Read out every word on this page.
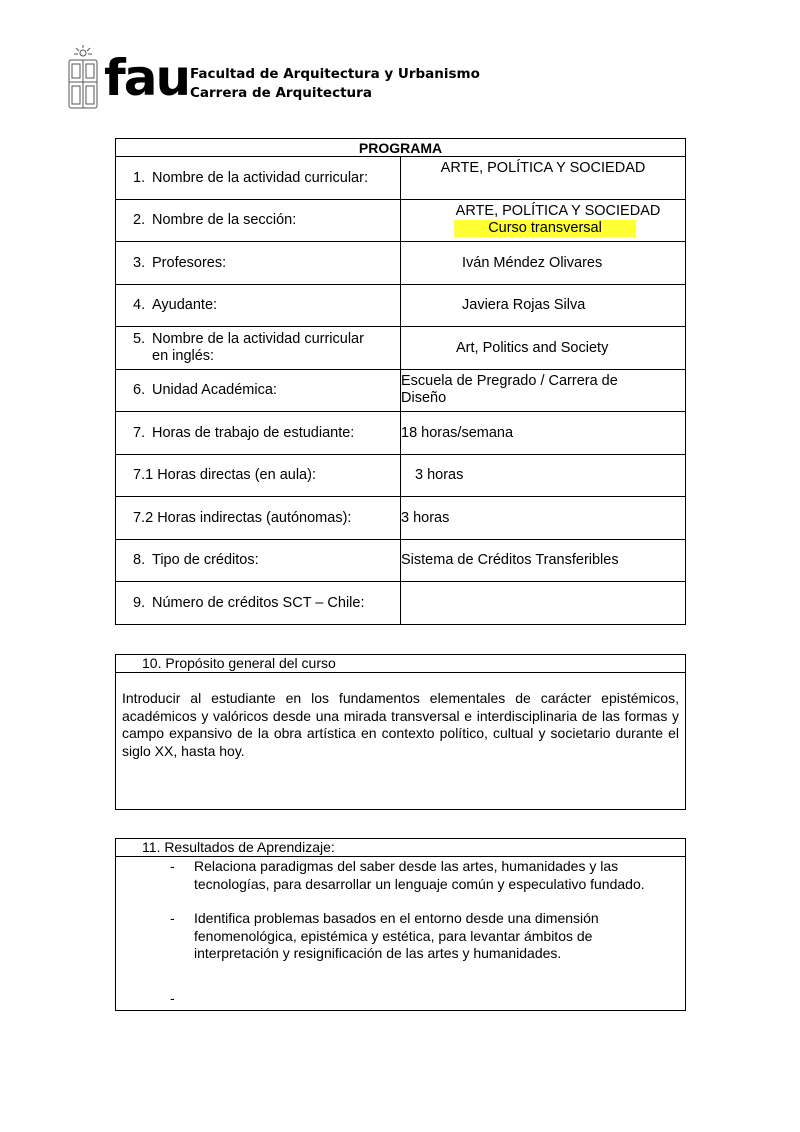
fau Facultad de Arquitectura y Urbanismo
Carrera de Arquitectura
PROGRAMA	
1. Nombre de la actividad curricular:	ARTE, POLÍTICA Y SOCIEDAD
2. Nombre de la sección:	ARTE, POLÍTICA Y SOCIEDAD
Curso transversal

3. Profesores:	Iván Méndez Olivares
4. Ayudante:	Javiera Rojas Silva
5. Nombre de la actividad curricular
en inglés:	Art, Politics and Society
6. Unidad Académica:	Escuela de Pregrado / Carrera de
Diseño

7. Horas de trabajo de estudiante:	18 horas/semana
7.1 Horas directas (en aula):	3 horas
7.2 Horas indirectas (autónomas):	3 horas
8. Tipo de créditos:	Sistema de Créditos Transferibles
9. Número de créditos SCT – Chile:	
10. Propósito general del curso
Introducir al estudiante en los fundamentos elementales de carácter epistémicos, académicos y valóricos desde una mirada transversal e interdisciplinaria de las formas y campo expansivo de la obra artística en contexto político, cultual y societario durante el siglo XX, hasta hoy.
11. Resultados de Aprendizaje:
- Relaciona paradigmas del saber desde las artes, humanidades y las tecnologías, para desarrollar un lenguaje común y especulativo fundado.
- Identifica problemas basados en el entorno desde una dimensión fenomenológica, epistémica y estética, para levantar ámbitos de interpretación y resignificación de las artes y humanidades.
-
